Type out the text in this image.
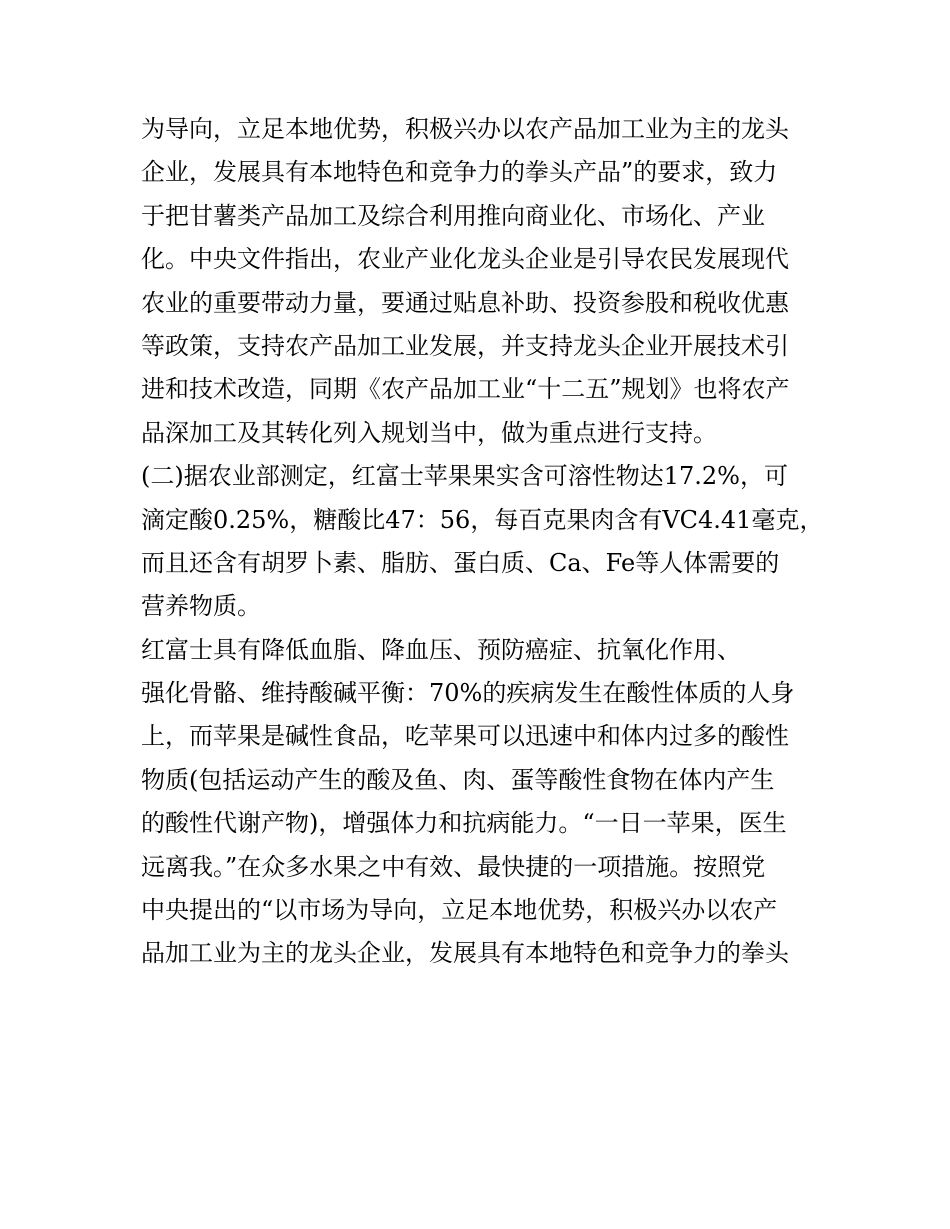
为导向，立足本地优势，积极兴办以农产品加工业为主的龙头
企业，发展具有本地特色和竞争力的拳头产品”的要求，致力
于把甘薯类产品加工及综合利用推向商业化、市场化、产业
化。中央文件指出，农业产业化龙头企业是引导农民发展现代
农业的重要带动力量，要通过贴息补助、投资参股和税收优惠
等政策，支持农产品加工业发展，并支持龙头企业开展技术引
进和技术改造，同期《农产品加工业“十二五”规划》也将农产
品深加工及其转化列入规划当中，做为重点进行支持。
(二)据农业部测定，红富士苹果果实含可溶性物达17.2%，可
滴定酸0.25%，糖酸比47：56，每百克果肉含有VC4.41毫克，
而且还含有胡罗卜素、脂肪、蛋白质、Ca、Fe等人体需要的
营养物质。
红富士具有降低血脂、降血压、预防癌症、抗氧化作用、
强化骨骼、维持酸碱平衡：70%的疾病发生在酸性体质的人身
上，而苹果是碱性食品，吃苹果可以迅速中和体内过多的酸性
物质(包括运动产生的酸及鱼、肉、蛋等酸性食物在体内产生
的酸性代谢产物)，增强体力和抗病能力。“一日一苹果，医生
远离我。”在众多水果之中有效、最快捷的一项措施。按照党
中央提出的“以市场为导向，立足本地优势，积极兴办以农产
品加工业为主的龙头企业，发展具有本地特色和竞争力的拳头
